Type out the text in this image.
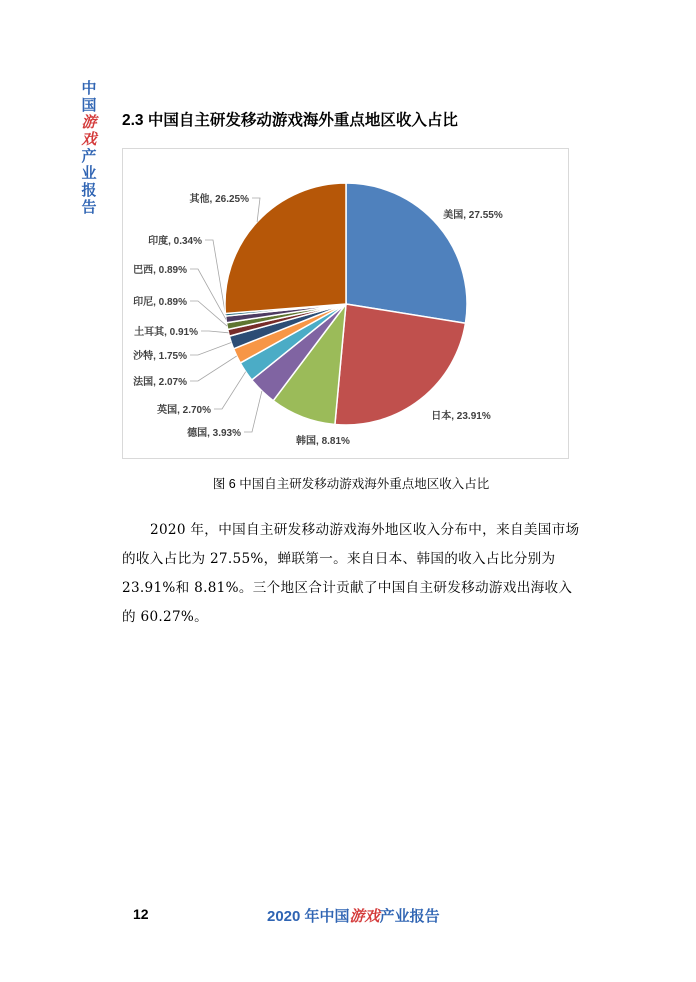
中
国
游
戏
产
业
报
告
2.3 中国自主研发移动游戏海外重点地区收入占比
美国, 27.55%
日本, 23.91%
韩国, 8.81%
德国, 3.93%
英国, 2.70%
法国, 2.07%
沙特, 1.75%
土耳其, 0.91%
印尼, 0.89%
巴西, 0.89%
印度, 0.34%
其他, 26.25%
图 6 中国自主研发移动游戏海外重点地区收入占比
2020 年，中国自主研发移动游戏海外地区收入分布中，来自美国市场的收入占比为 27.55%，蝉联第一。来自日本、韩国的收入占比分别为 23.91%和 8.81%。三个地区合计贡献了中国自主研发移动游戏出海收入的 60.27%。
12	2020 年中国游戏产业报告
